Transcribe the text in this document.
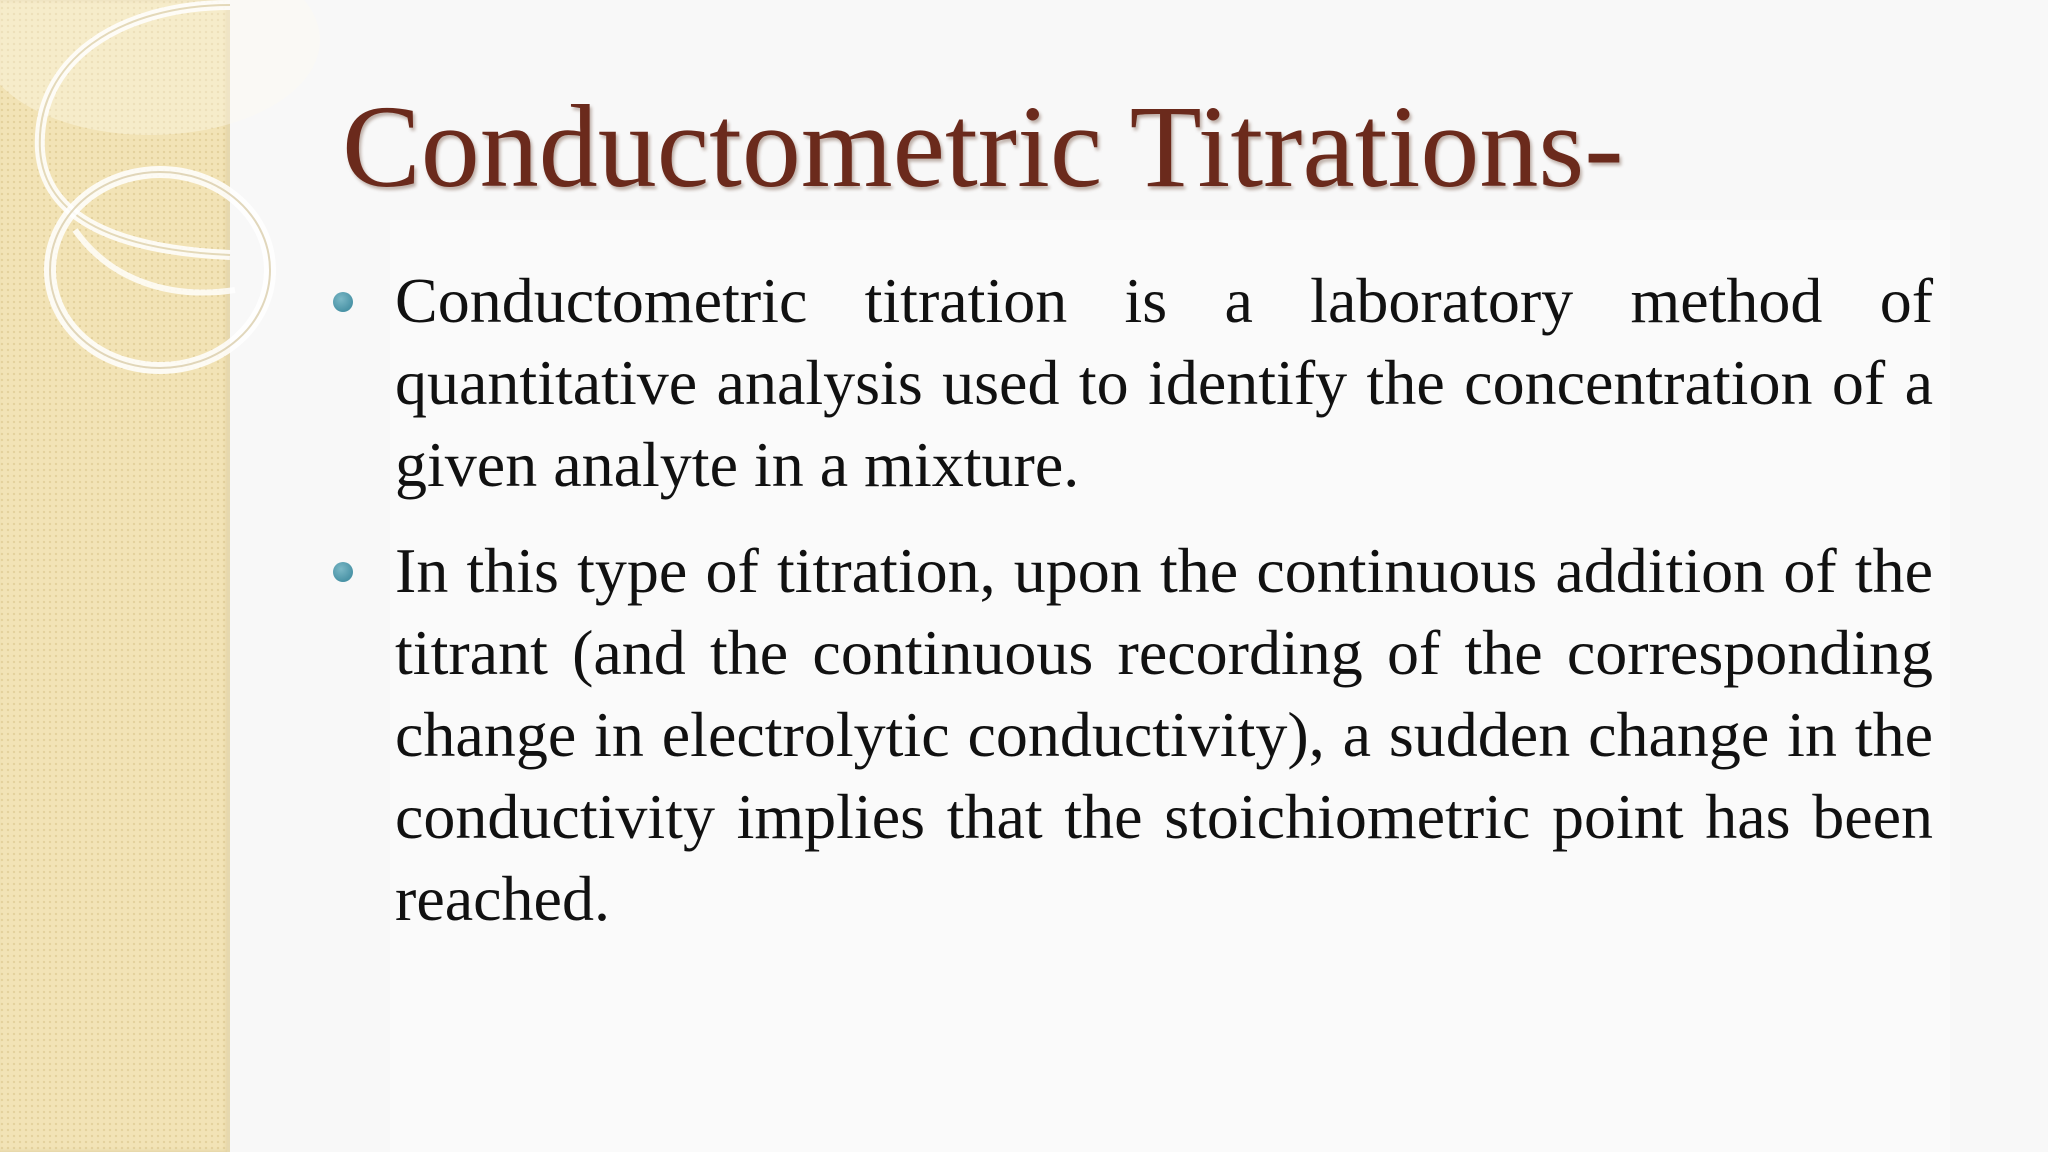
Conductometric Titrations-
Conductometric titration is a laboratory method of quantitative analysis used to identify the concentration of a given analyte in a mixture.
In this type of titration, upon the continuous addition of the titrant (and the continuous recording of the corresponding change in electrolytic conductivity), a sudden change in the conductivity implies that the stoichiometric point has been reached.
